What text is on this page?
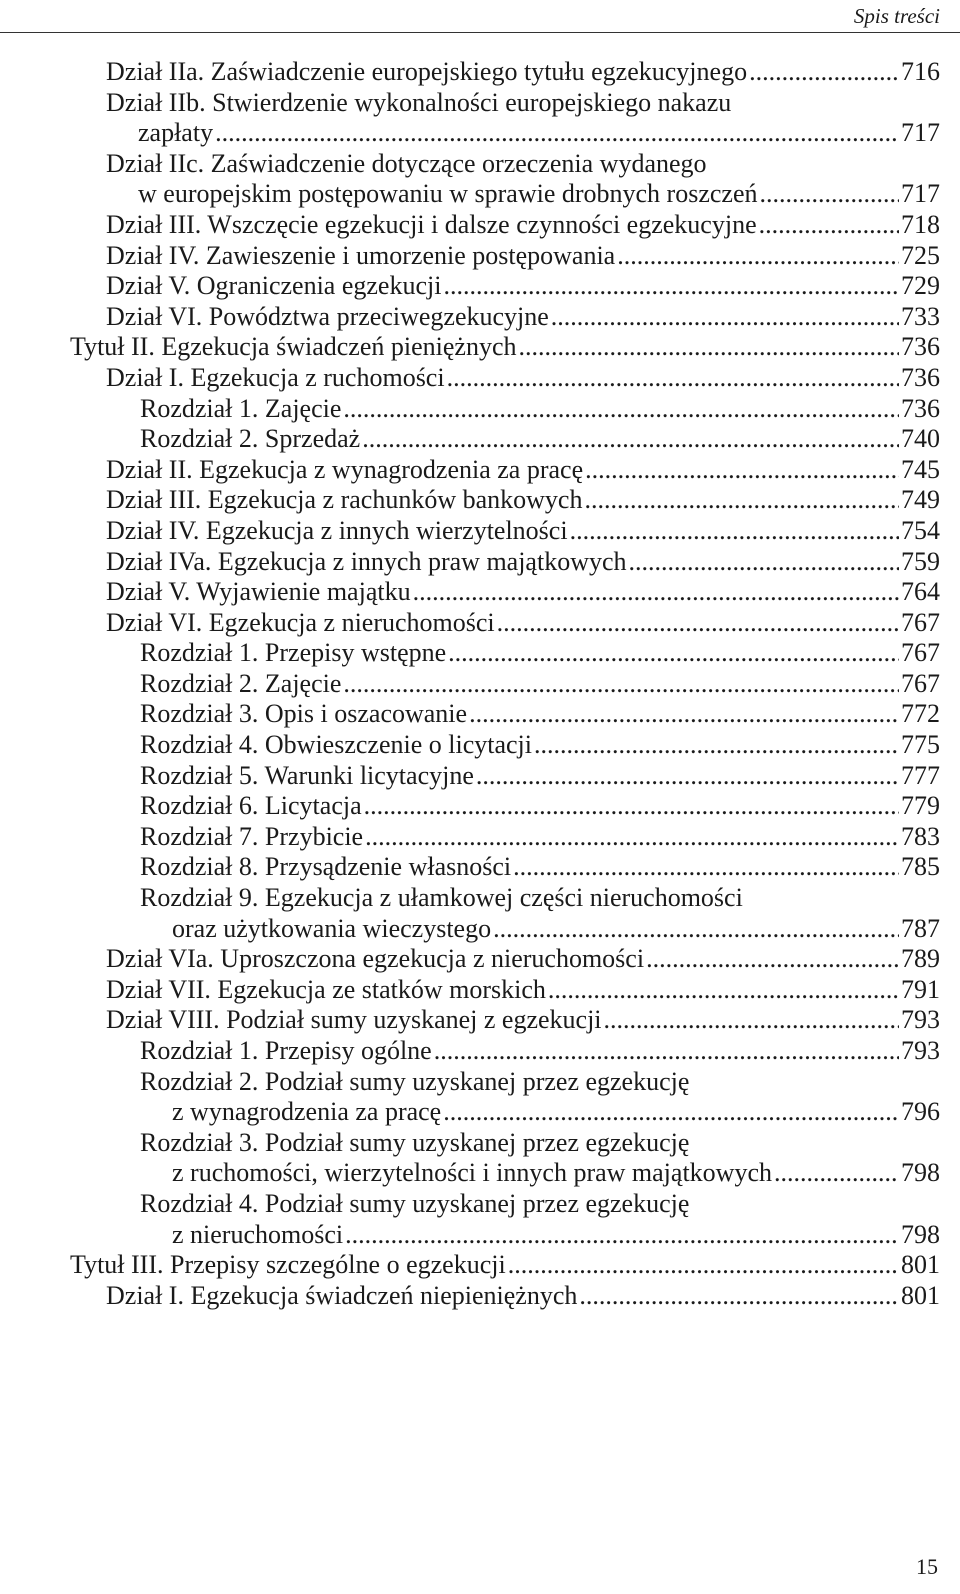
Spis treści
Dział IIa. Zaświadczenie europejskiego tytułu egzekucyjnego .....	716
Dział IIb. Stwierdzenie wykonalności europejskiego nakazu
zapłaty .....	717
Dział IIc. Zaświadczenie dotyczące orzeczenia wydanego
w europejskim postępowaniu w sprawie drobnych roszczeń .....	717
Dział III. Wszczęcie egzekucji i dalsze czynności egzekucyjne .....	718
Dział IV. Zawieszenie i umorzenie postępowania .....	725
Dział V. Ograniczenia egzekucji .....	729
Dział VI. Powództwa przeciwegzekucyjne .....	733
Tytuł II. Egzekucja świadczeń pieniężnych .....	736
Dział I. Egzekucja z ruchomości .....	736
Rozdział 1. Zajęcie .....	736
Rozdział 2. Sprzedaż .....	740
Dział II. Egzekucja z wynagrodzenia za pracę .....	745
Dział III. Egzekucja z rachunków bankowych .....	749
Dział IV. Egzekucja z innych wierzytelności .....	754
Dział IVa. Egzekucja z innych praw majątkowych .....	759
Dział V. Wyjawienie majątku .....	764
Dział VI. Egzekucja z nieruchomości .....	767
Rozdział 1. Przepisy wstępne .....	767
Rozdział 2. Zajęcie .....	767
Rozdział 3. Opis i oszacowanie .....	772
Rozdział 4. Obwieszczenie o licytacji .....	775
Rozdział 5. Warunki licytacyjne .....	777
Rozdział 6. Licytacja .....	779
Rozdział 7. Przybicie .....	783
Rozdział 8. Przysądzenie własności .....	785
Rozdział 9. Egzekucja z ułamkowej części nieruchomości
oraz użytkowania wieczystego .....	787
Dział VIa. Uproszczona egzekucja z nieruchomości .....	789
Dział VII. Egzekucja ze statków morskich .....	791
Dział VIII. Podział sumy uzyskanej z egzekucji .....	793
Rozdział 1. Przepisy ogólne .....	793
Rozdział 2. Podział sumy uzyskanej przez egzekucję
z wynagrodzenia za pracę .....	796
Rozdział 3. Podział sumy uzyskanej przez egzekucję
z ruchomości, wierzytelności i innych praw majątkowych .....	798
Rozdział 4. Podział sumy uzyskanej przez egzekucję
z nieruchomości .....	798
Tytuł III. Przepisy szczególne o egzekucji .....	801
Dział I. Egzekucja świadczeń niepieniężnych .....	801
15
